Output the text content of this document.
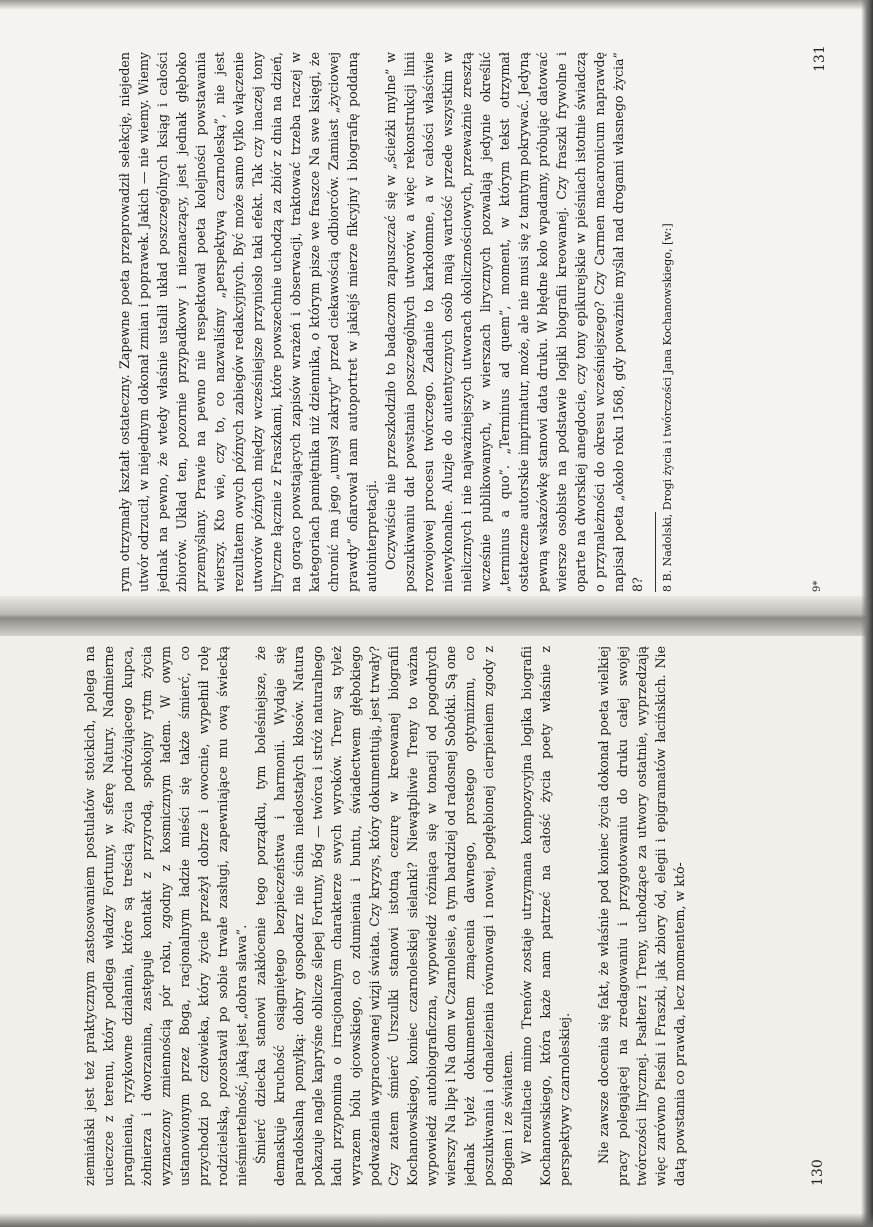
rym otrzymały kształt ostateczny. Zapewne poeta przeprowadził selekcję, niejeden utwór odrzucił, w niejednym dokonał zmian i poprawek. Jakich — nie wiemy. Wiemy jednak na pewno, że wtedy właśnie ustalił układ poszczególnych ksiąg i całości zbiorów. Układ ten, pozornie przypadkowy i nieznaczący, jest jednak głęboko przemyślany. Prawie na pewno nie respektował poeta kolejności powstawania wierszy. Kto wie, czy to, co nazwaliśmy „perspektywą czarnoleską”, nie jest rezultatem owych późnych zabiegów redakcyjnych. Być może samo tylko włączenie utworów późnych między wcześniejsze przyniosło taki efekt. Tak czy inaczej tony liryczne łącznie z Fraszkami, które powszechnie uchodzą za zbiór z dnia na dzień, na gorąco powstających zapisów wrażeń i obserwacji, traktować trzeba raczej w kategoriach pamiętnika niż dziennika, o którym pisze we fraszce Na swe księgi, że chronić ma jego „umysł zakryty” przed ciekawością odbiorców. Zamiast „życiowej prawdy” ofiarował nam autoportret w jakiejś mierze fikcyjny i biografię poddaną autointerpretacji. Oczywiście nie przeszkodziło to badaczom zapuszczać się w „ścieżki mylne” w poszukiwaniu dat powstania poszczególnych utworów, a więc rekonstrukcji linii rozwojowej procesu twórczego. Zadanie to karkołomne, a w całości właściwie niewykonalne. Aluzje do autentycznych osób mają wartość przede wszystkim w nielicznych i nie najważniejszych utworach okolicznościowych, przeważnie zresztą wcześnie publikowanych, w wierszach lirycznych pozwalają jedynie określić „terminus a quo”. „Terminus ad quem”, moment, w którym tekst otrzymał ostateczne autorskie imprimatur, może, ale nie musi się z tamtym pokrywać. Jedyną pewną wskazówkę stanowi data druku. W błędne koło wpadamy, próbując datować wiersze osobiste na podstawie logiki biografii kreowanej. Czy fraszki frywolne i oparte na dworskiej anegdocie, czy tony epikurejskie w pieśniach istotnie świadczą o przynależności do okresu wcześniejszego? Czy Carmen macaronicum naprawdę napisał poeta „około roku 1568, gdy poważnie myślał nad drogami własnego życia” 8? 8 B. Nadolski, Drogi życia i twórczości Jana Kochanowskiego, [w:]	9*
131

ziemiański jest też praktycznym zastosowaniem postulatów stoickich, polega na ucieczce z terenu, który podlega władzy Fortuny, w sferę Natury. Nadmierne pragnienia, ryzykowne działania, które są treścią życia podróżującego kupca, żołnierza i dworzanina, zastępuje kontakt z przyrodą, spokojny rytm życia wyznaczony zmiennością pór roku, zgodny z kosmicznym ładem. W owym ustanowionym przez Boga, racjonalnym ładzie mieści się także śmierć, co przychodzi po człowieka, który życie przeżył dobrze i owocnie, wypełnił rolę rodzicielską, pozostawił po sobie trwałe zasługi, zapewniające mu ową świecką nieśmiertelność, jaką jest „dobra sława”. Śmierć dziecka stanowi zakłócenie tego porządku, tym boleśniejsze, że demaskuje kruchość osiągniętego bezpieczeństwa i harmonii. Wydaje się paradoksalną pomyłką: dobry gospodarz nie ścina niedostałych kłosów. Natura pokazuje nagle kapryśne oblicze ślepej Fortuny, Bóg — twórca i stróż naturalnego ładu przypomina o irracjonalnym charakterze swych wyroków. Treny są tyleż wyrazem bólu ojcowskiego, co zdumienia i buntu, świadectwem głębokiego podważenia wypracowanej wizji świata. Czy kryzys, który dokumentują, jest trwały? Czy zatem śmierć Urszulki stanowi istotną cezurę w kreowanej biografii Kochanowskiego, koniec czarnoleskiej sielanki? Niewątpliwie Treny to ważna wypowiedź autobiograficzna, wypowiedź różniąca się w tonacji od pogodnych wierszy Na lipę i Na dom w Czarnolesie, a tym bardziej od radosnej Sobótki. Są one jednak tyleż dokumentem zmącenia dawnego, prostego optymizmu, co poszukiwania i odnalezienia równowagi i nowej, pogłębionej cierpieniem zgody z Bogiem i ze światem. W rezultacie mimo Trenów zostaje utrzymana kompozycyjna logika biografii Kochanowskiego, która każe nam patrzeć na całość życia poety właśnie z perspektywy czarnoleskiej. Nie zawsze docenia się fakt, że właśnie pod koniec życia dokonał poeta wielkiej pracy polegającej na zredagowaniu i przygotowaniu do druku całej swojej twórczości lirycznej. Psałterz i Treny, uchodzące za utwory ostatnie, wyprzedzają więc zarówno Pieśni i Fraszki, jak zbiory ód, elegii i epigramatów łacińskich. Nie datą powstania co prawda, lecz momentem, w któ-	130
